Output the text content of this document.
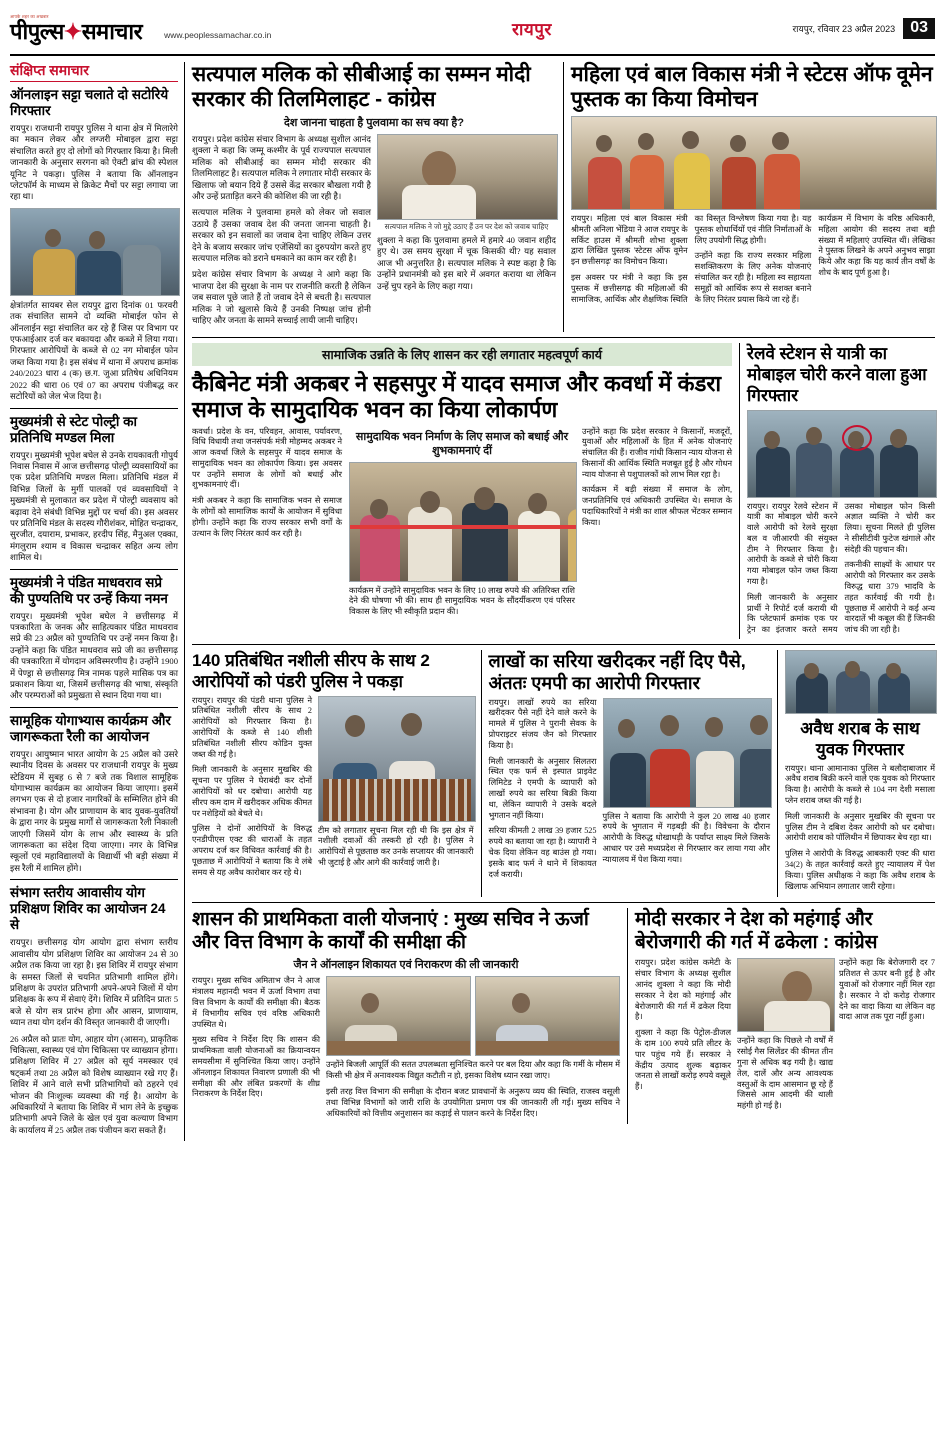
आपके शहर का अखबार
पीपुल्स✦समाचार	www.peoplessamachar.co.in	रायपुर	रायपुर, रविवार 23 अप्रैल 2023 03
संक्षिप्त समाचार
ऑनलाइन सट्टा चलाते दो सटोरिये गिरफ्तार
रायपुर। राजधानी रायपुर पुलिस ने थाना क्षेत्र में मिलारेगे का मकान लेकर और लग्जरी मोबाइल द्वारा सट्टा संचालित करते हुए दो लोगों को गिरफ्तार किया है। मिली जानकारी के अनुसार सरगना को ऐक्टी ब्रांच की स्पेशल यूनिट ने पकड़ा। पुलिस ने बताया कि ऑनलाइन प्लेटफॉर्म के माध्यम से क्रिकेट मैचों पर सट्टा लगाया जा रहा था।
क्षेत्रांतर्गत सायबर सेल रायपुर द्वारा दिनांक 01 फरवरी तक संचालित सामने दो व्यक्ति मोबाईल फोन से ऑनलाईन सट्टा संचालित कर रहे हैं जिस पर विभाग पर एफआईआर दर्ज कर बकायदा और कब्जे में लिया गया। गिरफ्तार आरोपियों के कब्जे से 02 नग मोबाईल फोन जब्त किया गया है। इस संबंध में थाना में अपराध क्रमांक 240/2023 धारा 4 (क) छ.ग. जुआ प्रतिषेध अधिनियम 2022 की धारा 06 एवं 07 का अपराध पंजीबद्ध कर सटोरियों को जेल भेज दिया है।
मुख्यमंत्री से स्टेट पोल्ट्री का प्रतिनिधि मण्डल मिला
रायपुर। मुख्यमंत्री भूपेश बघेल से उनके रायकावती गोपुर्य निवास निवास में आज छत्तीसगढ़ पोल्ट्री व्यवसायियों का एक प्रदेश प्रतिनिधि मण्डल मिला। प्रतिनिधि मंडल में विभिन्न जिलों के मुर्गी पालकों एवं व्यवसायियों ने मुख्यमंत्री से मुलाकात कर प्रदेश में पोल्ट्री व्यवसाय को बढ़ावा देने संबंधी विभिन्न मुद्दों पर चर्चा की। इस अवसर पर प्रतिनिधि मंडल के सदस्य गौरीशंकर, मोहित चन्द्राकर, सुरजीत, दयाराम, प्रभाकर, हरदीप सिंह, मैनुअल एक्का, मंगलुराम श्याम व विकास चन्द्राकर सहित अन्य लोग शामिल थे।
मुख्यमंत्री ने पंडित माधवराव सप्रे की पुण्यतिथि पर उन्हें किया नमन
रायपुर। मुख्यमंत्री भूपेश बघेल ने छत्तीसगढ़ में पत्रकारिता के जनक और साहित्यकार पंडित माधवराव सप्रे की 23 अप्रैल को पुण्यतिथि पर उन्हें नमन किया है। उन्होंने कहा कि पंडित माधवराव सप्रे जी का छत्तीसगढ़ की पत्रकारिता में योगदान अविस्मरणीय है। उन्होंने 1900 में पेण्ड्रा से छत्तीसगढ़ मित्र नामक पहले मासिक पत्र का प्रकाशन किया था, जिसमें छत्तीसगढ़ की भाषा, संस्कृति और परम्पराओं को प्रमुखता से स्थान दिया गया था।
सामूहिक योगाभ्यास कार्यक्रम और जागरूकता रैली का आयोजन
रायपुर। आयुष्मान भारत आयोग के 25 अप्रैल को उसरे स्थानीय दिवस के अवसर पर राजधानी रायपुर के मुख्य स्टेडियम में सुबह 6 से 7 बजे तक विशाल सामूहिक योगाभ्यास कार्यक्रम का आयोजन किया जाएगा। इसमें लगभग एक से दो हजार नागरिकों के सम्मिलित होने की संभावना है। योग और प्राणायाम के बाद युवक-युवतियों के द्वारा नगर के प्रमुख मार्गों से जागरूकता रैली निकाली जाएगी जिसमें योग के लाभ और स्वास्थ्य के प्रति जागरूकता का संदेश दिया जाएगा। नगर के विभिन्न स्कूलों एवं महाविद्यालयों के विद्यार्थी भी बड़ी संख्या में इस रैली में शामिल होंगे।
संभाग स्तरीय आवासीय योग प्रशिक्षण शिविर का आयोजन 24 से
रायपुर। छत्तीसगढ़ योग आयोग द्वारा संभाग स्तरीय आवासीय योग प्रशिक्षण शिविर का आयोजन 24 से 30 अप्रैल तक किया जा रहा है। इस शिविर में रायपुर संभाग के समस्त जिलों से चयनित प्रतिभागी शामिल होंगे। प्रशिक्षण के उपरांत प्रतिभागी अपने-अपने जिलों में योग प्रशिक्षक के रूप में सेवाएं देंगे। शिविर में प्रतिदिन प्रातः 5 बजे से योग सत्र प्रारंभ होगा और आसन, प्राणायाम, ध्यान तथा योग दर्शन की विस्तृत जानकारी दी जाएगी।
26 अप्रैल को प्रातः योग, आहार योग (आसन), प्राकृतिक चिकित्सा, स्वास्थ्य एवं योग चिकित्सा पर व्याख्यान होगा। प्रशिक्षण शिविर में 27 अप्रैल को सूर्य नमस्कार एवं षट्कर्म तथा 28 अप्रैल को विशेष व्याख्यान रखे गए हैं। शिविर में आने वाले सभी प्रतिभागियों को ठहरने एवं भोजन की निःशुल्क व्यवस्था की गई है। आयोग के अधिकारियों ने बताया कि शिविर में भाग लेने के इच्छुक प्रतिभागी अपने जिले के खेल एवं युवा कल्याण विभाग के कार्यालय में 25 अप्रैल तक पंजीयन करा सकते हैं।
सत्यपाल मलिक को सीबीआई का सम्मन मोदी सरकार की तिलमिलाहट - कांग्रेस
देश जानना चाहता है पुलवामा का सच क्या है?
रायपुर। प्रदेश कांग्रेस संचार विभाग के अध्यक्ष सुशील आनंद शुक्ला ने कहा कि जम्मू कश्मीर के पूर्व राज्यपाल सत्यपाल मलिक को सीबीआई का सम्मन मोदी सरकार की तिलमिलाहट है। सत्यपाल मलिक ने लगातार मोदी सरकार के खिलाफ जो बयान दिये हैं उससे केंद्र सरकार बौखला गयी है और उन्हें प्रताड़ित करने की कोशिश की जा रही है।
सत्यपाल मलिक ने पुलवामा हमले को लेकर जो सवाल उठाये हैं उसका जवाब देश की जनता जानना चाहती है। सरकार को इन सवालों का जवाब देना चाहिए लेकिन उत्तर देने के बजाय सरकार जांच एजेंसियों का दुरुपयोग करते हुए सत्यपाल मलिक को डराने धमकाने का काम कर रही है।
प्रदेश कांग्रेस संचार विभाग के अध्यक्ष ने आगे कहा कि भाजपा देश की सुरक्षा के नाम पर राजनीति करती है लेकिन जब सवाल पूछे जाते हैं तो जवाब देने से बचती है। सत्यपाल मलिक ने जो खुलासे किये हैं उनकी निष्पक्ष जांच होनी चाहिए और जनता के सामने सच्चाई लायी जानी चाहिए।
सत्यपाल मलिक ने जो मुद्दे उठाए हैं उन पर देश को जवाब चाहिए
शुक्ला ने कहा कि पुलवामा हमले में हमारे 40 जवान शहीद हुए थे। उस समय सुरक्षा में चूक किसकी थी? यह सवाल आज भी अनुत्तरित है। सत्यपाल मलिक ने स्पष्ट कहा है कि उन्होंने प्रधानमंत्री को इस बारे में अवगत कराया था लेकिन उन्हें चुप रहने के लिए कहा गया।
महिला एवं बाल विकास मंत्री ने स्टेटस ऑफ वूमेन पुस्तक का किया विमोचन
रायपुर। महिला एवं बाल विकास मंत्री श्रीमती अनिला भेंडिया ने आज रायपुर के सर्किट हाउस में श्रीमती शोभा शुक्ला द्वारा लिखित पुस्तक 'स्टेटस ऑफ वूमेन इन छत्तीसगढ़' का विमोचन किया।
इस अवसर पर मंत्री ने कहा कि इस पुस्तक में छत्तीसगढ़ की महिलाओं की सामाजिक, आर्थिक और शैक्षणिक स्थिति का विस्तृत विश्लेषण किया गया है। यह पुस्तक शोधार्थियों एवं नीति निर्माताओं के लिए उपयोगी सिद्ध होगी।
उन्होंने कहा कि राज्य सरकार महिला सशक्तिकरण के लिए अनेक योजनाएं संचालित कर रही है। महिला स्व सहायता समूहों को आर्थिक रूप से सशक्त बनाने के लिए निरंतर प्रयास किये जा रहे हैं।
कार्यक्रम में विभाग के वरिष्ठ अधिकारी, महिला आयोग की सदस्य तथा बड़ी संख्या में महिलाएं उपस्थित थीं। लेखिका ने पुस्तक लिखने के अपने अनुभव साझा किये और कहा कि यह कार्य तीन वर्षों के शोध के बाद पूर्ण हुआ है।
सामाजिक उन्नति के लिए शासन कर रही लगातार महत्वपूर्ण कार्य
कैबिनेट मंत्री अकबर ने सहसपुर में यादव समाज और कवर्धा में कंडरा समाज के सामुदायिक भवन का किया लोकार्पण
कवर्धा। प्रदेश के वन, परिवहन, आवास, पर्यावरण, विधि विधायी तथा जनसंपर्क मंत्री मोहम्मद अकबर ने आज कवर्धा जिले के सहसपुर में यादव समाज के सामुदायिक भवन का लोकार्पण किया। इस अवसर पर उन्होंने समाज के लोगों को बधाई और शुभकामनाएं दीं।
मंत्री अकबर ने कहा कि सामाजिक भवन से समाज के लोगों को सामाजिक कार्यों के आयोजन में सुविधा होगी। उन्होंने कहा कि राज्य सरकार सभी वर्गों के उत्थान के लिए निरंतर कार्य कर रही है।
सामुदायिक भवन निर्माण के लिए समाज को बधाई और शुभकामनाएं दीं
कार्यक्रम में उन्होंने सामुदायिक भवन के लिए 10 लाख रुपये की अतिरिक्त राशि देने की घोषणा भी की। साथ ही सामुदायिक भवन के सौंदर्यीकरण एवं परिसर विकास के लिए भी स्वीकृति प्रदान की।
उन्होंने कहा कि प्रदेश सरकार ने किसानों, मजदूरों, युवाओं और महिलाओं के हित में अनेक योजनाएं संचालित की हैं। राजीव गांधी किसान न्याय योजना से किसानों की आर्थिक स्थिति मजबूत हुई है और गोधन न्याय योजना से पशुपालकों को लाभ मिल रहा है।
कार्यक्रम में बड़ी संख्या में समाज के लोग, जनप्रतिनिधि एवं अधिकारी उपस्थित थे। समाज के पदाधिकारियों ने मंत्री का शाल श्रीफल भेंटकर सम्मान किया।
रेलवे स्टेशन से यात्री का मोबाइल चोरी करने वाला हुआ गिरफ्तार
रायपुर। रायपुर रेलवे स्टेशन में यात्री का मोबाइल चोरी करने वाले आरोपी को रेलवे सुरक्षा बल व जीआरपी की संयुक्त टीम ने गिरफ्तार किया है। आरोपी के कब्जे से चोरी किया गया मोबाइल फोन जब्त किया गया है।
मिली जानकारी के अनुसार प्रार्थी ने रिपोर्ट दर्ज करायी थी कि प्लेटफार्म क्रमांक एक पर ट्रेन का इंतजार करते समय उसका मोबाइल फोन किसी अज्ञात व्यक्ति ने चोरी कर लिया। सूचना मिलते ही पुलिस ने सीसीटीवी फुटेज खंगाले और संदेही की पहचान की।
तकनीकी साक्ष्यों के आधार पर आरोपी को गिरफ्तार कर उसके विरुद्ध धारा 379 भादवि के तहत कार्रवाई की गयी है। पूछताछ में आरोपी ने कई अन्य वारदातें भी कबूल की हैं जिनकी जांच की जा रही है।
140 प्रतिबंधित नशीली सीरप के साथ 2 आरोपियों को पंडरी पुलिस ने पकड़ा
रायपुर। रायपुर की पंडरी थाना पुलिस ने प्रतिबंधित नशीली सीरप के साथ 2 आरोपियों को गिरफ्तार किया है। आरोपियों के कब्जे से 140 शीशी प्रतिबंधित नशीली सीरप कोडिन युक्त जब्त की गई है।
मिली जानकारी के अनुसार मुखबिर की सूचना पर पुलिस ने घेराबंदी कर दोनों आरोपियों को धर दबोचा। आरोपी यह सीरप कम दाम में खरीदकर अधिक कीमत पर नशेड़ियों को बेचते थे।
पुलिस ने दोनों आरोपियों के विरुद्ध एनडीपीएस एक्ट की धाराओं के तहत अपराध दर्ज कर विधिवत कार्रवाई की है। पूछताछ में आरोपियों ने बताया कि वे लंबे समय से यह अवैध कारोबार कर रहे थे।
टीम को लगातार सूचना मिल रही थी कि इस क्षेत्र में नशीली दवाओं की तस्करी हो रही है। पुलिस ने आरोपियों से पूछताछ कर उनके सप्लायर की जानकारी भी जुटाई है और आगे की कार्रवाई जारी है।
लाखों का सरिया खरीदकर नहीं दिए पैसे, अंततः एमपी का आरोपी गिरफ्तार
रायपुर। लाखों रुपये का सरिया खरीदकर पैसे नहीं देने वाले करने के मामले में पुलिस ने पुरानी सेवक के प्रोपराइटर संजय जैन को गिरफ्तार किया है।
मिली जानकारी के अनुसार सिलतरा स्थित एक फर्म से इस्पात प्राइवेट लिमिटेड ने एमपी के व्यापारी को लाखों रुपये का सरिया बिक्री किया था, लेकिन व्यापारी ने उसके बदले भुगतान नहीं किया।
सरिया कीमती 2 लाख 39 हजार 525 रुपये का बताया जा रहा है। व्यापारी ने चेक दिया लेकिन वह बाउंस हो गया। इसके बाद फर्म ने थाने में शिकायत दर्ज करायी।
पुलिस ने बताया कि आरोपी ने कुल 20 लाख 40 हजार रुपये के भुगतान में गड़बड़ी की है। विवेचना के दौरान आरोपी के विरुद्ध धोखाधड़ी के पर्याप्त साक्ष्य मिले जिसके आधार पर उसे मध्यप्रदेश से गिरफ्तार कर लाया गया और न्यायालय में पेश किया गया।
अवैध शराब के साथ युवक गिरफ्तार
रायपुर। थाना आमानाका पुलिस ने बलौदाबाजार में अवैध शराब बिक्री करने वाले एक युवक को गिरफ्तार किया है। आरोपी के कब्जे से 104 नग देशी मसाला प्लेन शराब जब्त की गई है।
मिली जानकारी के अनुसार मुखबिर की सूचना पर पुलिस टीम ने दबिश देकर आरोपी को धर दबोचा। आरोपी शराब को पॉलिथीन में छिपाकर बेच रहा था।
पुलिस ने आरोपी के विरुद्ध आबकारी एक्ट की धारा 34(2) के तहत कार्रवाई करते हुए न्यायालय में पेश किया। पुलिस अधीक्षक ने कहा कि अवैध शराब के खिलाफ अभियान लगातार जारी रहेगा।
शासन की प्राथमिकता वाली योजनाएं : मुख्य सचिव ने ऊर्जा और वित्त विभाग के कार्यों की समीक्षा की
जैन ने ऑनलाइन शिकायत एवं निराकरण की ली जानकारी
रायपुर। मुख्य सचिव अमिताभ जैन ने आज मंत्रालय महानदी भवन में ऊर्जा विभाग तथा वित्त विभाग के कार्यों की समीक्षा की। बैठक में विभागीय सचिव एवं वरिष्ठ अधिकारी उपस्थित थे।
मुख्य सचिव ने निर्देश दिए कि शासन की प्राथमिकता वाली योजनाओं का क्रियान्वयन समयसीमा में सुनिश्चित किया जाए। उन्होंने ऑनलाइन शिकायत निवारण प्रणाली की भी समीक्षा की और लंबित प्रकरणों के शीघ्र निराकरण के निर्देश दिए।
उन्होंने बिजली आपूर्ति की सतत उपलब्धता सुनिश्चित करने पर बल दिया और कहा कि गर्मी के मौसम में किसी भी क्षेत्र में अनावश्यक विद्युत कटौती न हो, इसका विशेष ध्यान रखा जाए।
इसी तरह वित्त विभाग की समीक्षा के दौरान बजट प्रावधानों के अनुरूप व्यय की स्थिति, राजस्व वसूली तथा विभिन्न विभागों को जारी राशि के उपयोगिता प्रमाण पत्र की जानकारी ली गई। मुख्य सचिव ने अधिकारियों को वित्तीय अनुशासन का कड़ाई से पालन करने के निर्देश दिए।
मोदी सरकार ने देश को महंगाई और बेरोजगारी की गर्त में ढकेला : कांग्रेस
रायपुर। प्रदेश कांग्रेस कमेटी के संचार विभाग के अध्यक्ष सुशील आनंद शुक्ला ने कहा कि मोदी सरकार ने देश को महंगाई और बेरोजगारी की गर्त में ढकेल दिया है।
शुक्ला ने कहा कि पेट्रोल-डीजल के दाम 100 रुपये प्रति लीटर के पार पहुंच गये हैं। सरकार ने केंद्रीय उत्पाद शुल्क बढ़ाकर जनता से लाखों करोड़ रुपये वसूले हैं।
उन्होंने कहा कि पिछले नौ वर्षों में रसोई गैस सिलेंडर की कीमत तीन गुना से अधिक बढ़ गयी है। खाद्य तेल, दालें और अन्य आवश्यक वस्तुओं के दाम आसमान छू रहे हैं जिससे आम आदमी की थाली महंगी हो गई है।
उन्होंने कहा कि बेरोजगारी दर 7 प्रतिशत से ऊपर बनी हुई है और युवाओं को रोजगार नहीं मिल रहा है। सरकार ने दो करोड़ रोजगार देने का वादा किया था लेकिन वह वादा आज तक पूरा नहीं हुआ।
